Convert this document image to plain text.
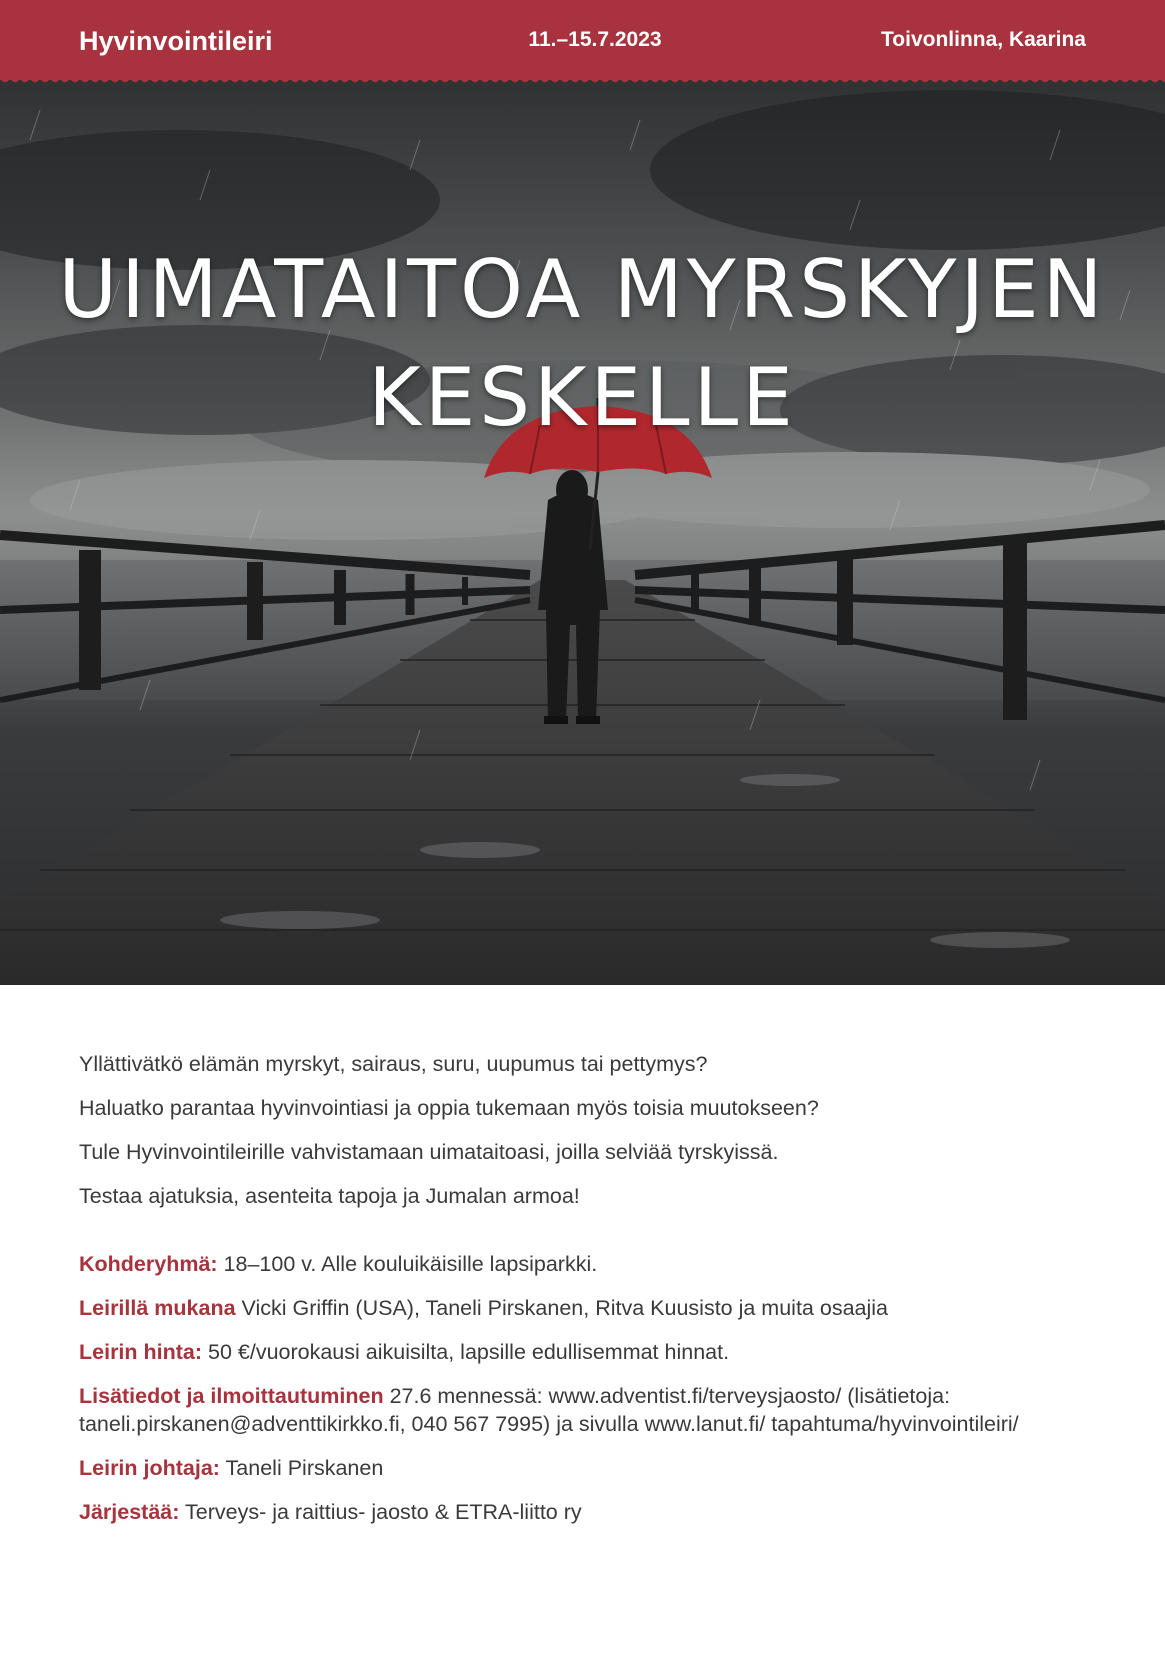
Hyvinvointileiri	11.–15.7.2023	Toivonlinna, Kaarina
UIMATAITOA MYRSKYJEN
KESKELLE

Yllättivätkö elämän myrskyt, sairaus, suru, uupumus tai pettymys?

Haluatko parantaa hyvinvointiasi ja oppia tukemaan myös toisia muutokseen?

Tule Hyvinvointileirille vahvistamaan uimataitoasi, joilla selviää tyrskyissä.

Testaa ajatuksia, asenteita tapoja ja Jumalan armoa!

Kohderyhmä: 18–100 v. Alle kouluikäisille lapsiparkki.

Leirillä mukana Vicki Griffin (USA), Taneli Pirskanen, Ritva Kuusisto ja muita osaajia

Leirin hinta: 50 €/vuorokausi aikuisilta, lapsille edullisemmat hinnat.

Lisätiedot ja ilmoittautuminen 27.6 mennessä: www.adventist.fi/terveysjaosto/ (lisätietoja: taneli.pirskanen@adventtikirkko.fi, 040 567 7995) ja sivulla www.lanut.fi/ tapahtuma/hyvinvointileiri/

Leirin johtaja: Taneli Pirskanen

Järjestää: Terveys- ja raittius- jaosto & ETRA-liitto ry
